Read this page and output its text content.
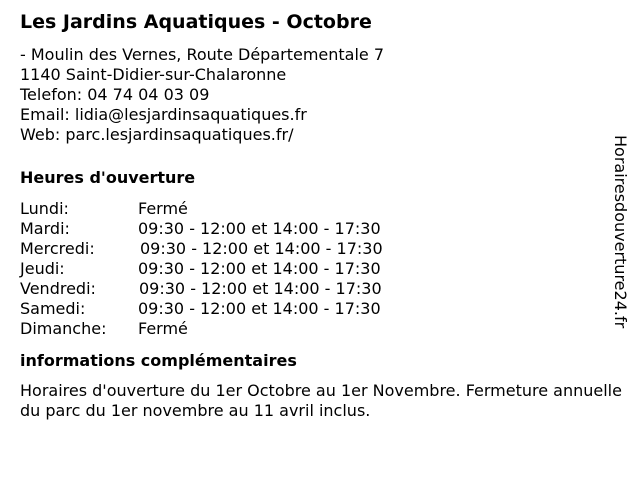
Les Jardins Aquatiques - Octobre

- Moulin des Vernes, Route Départementale 7

1140 Saint-Didier-sur-Chalaronne

Telefon: 04 74 04 03 09

Email: lidia@lesjardinsaquatiques.fr

Web: parc.lesjardinsaquatiques.fr/

Heures d'ouverture
Lundi:	Fermé
Mardi:	09:30 - 12:00 et 14:00 - 17:30
Mercredi:	09:30 - 12:00 et 14:00 - 17:30
Jeudi:	09:30 - 12:00 et 14:00 - 17:30
Vendredi:	09:30 - 12:00 et 14:00 - 17:30
Samedi:	09:30 - 12:00 et 14:00 - 17:30
Dimanche: Fermé
informations complémentaires

Horaires d'ouverture du 1er Octobre au 1er Novembre. Fermeture annuelle du parc du 1er novembre au 11 avril inclus.

Horairesdouverture24.fr
